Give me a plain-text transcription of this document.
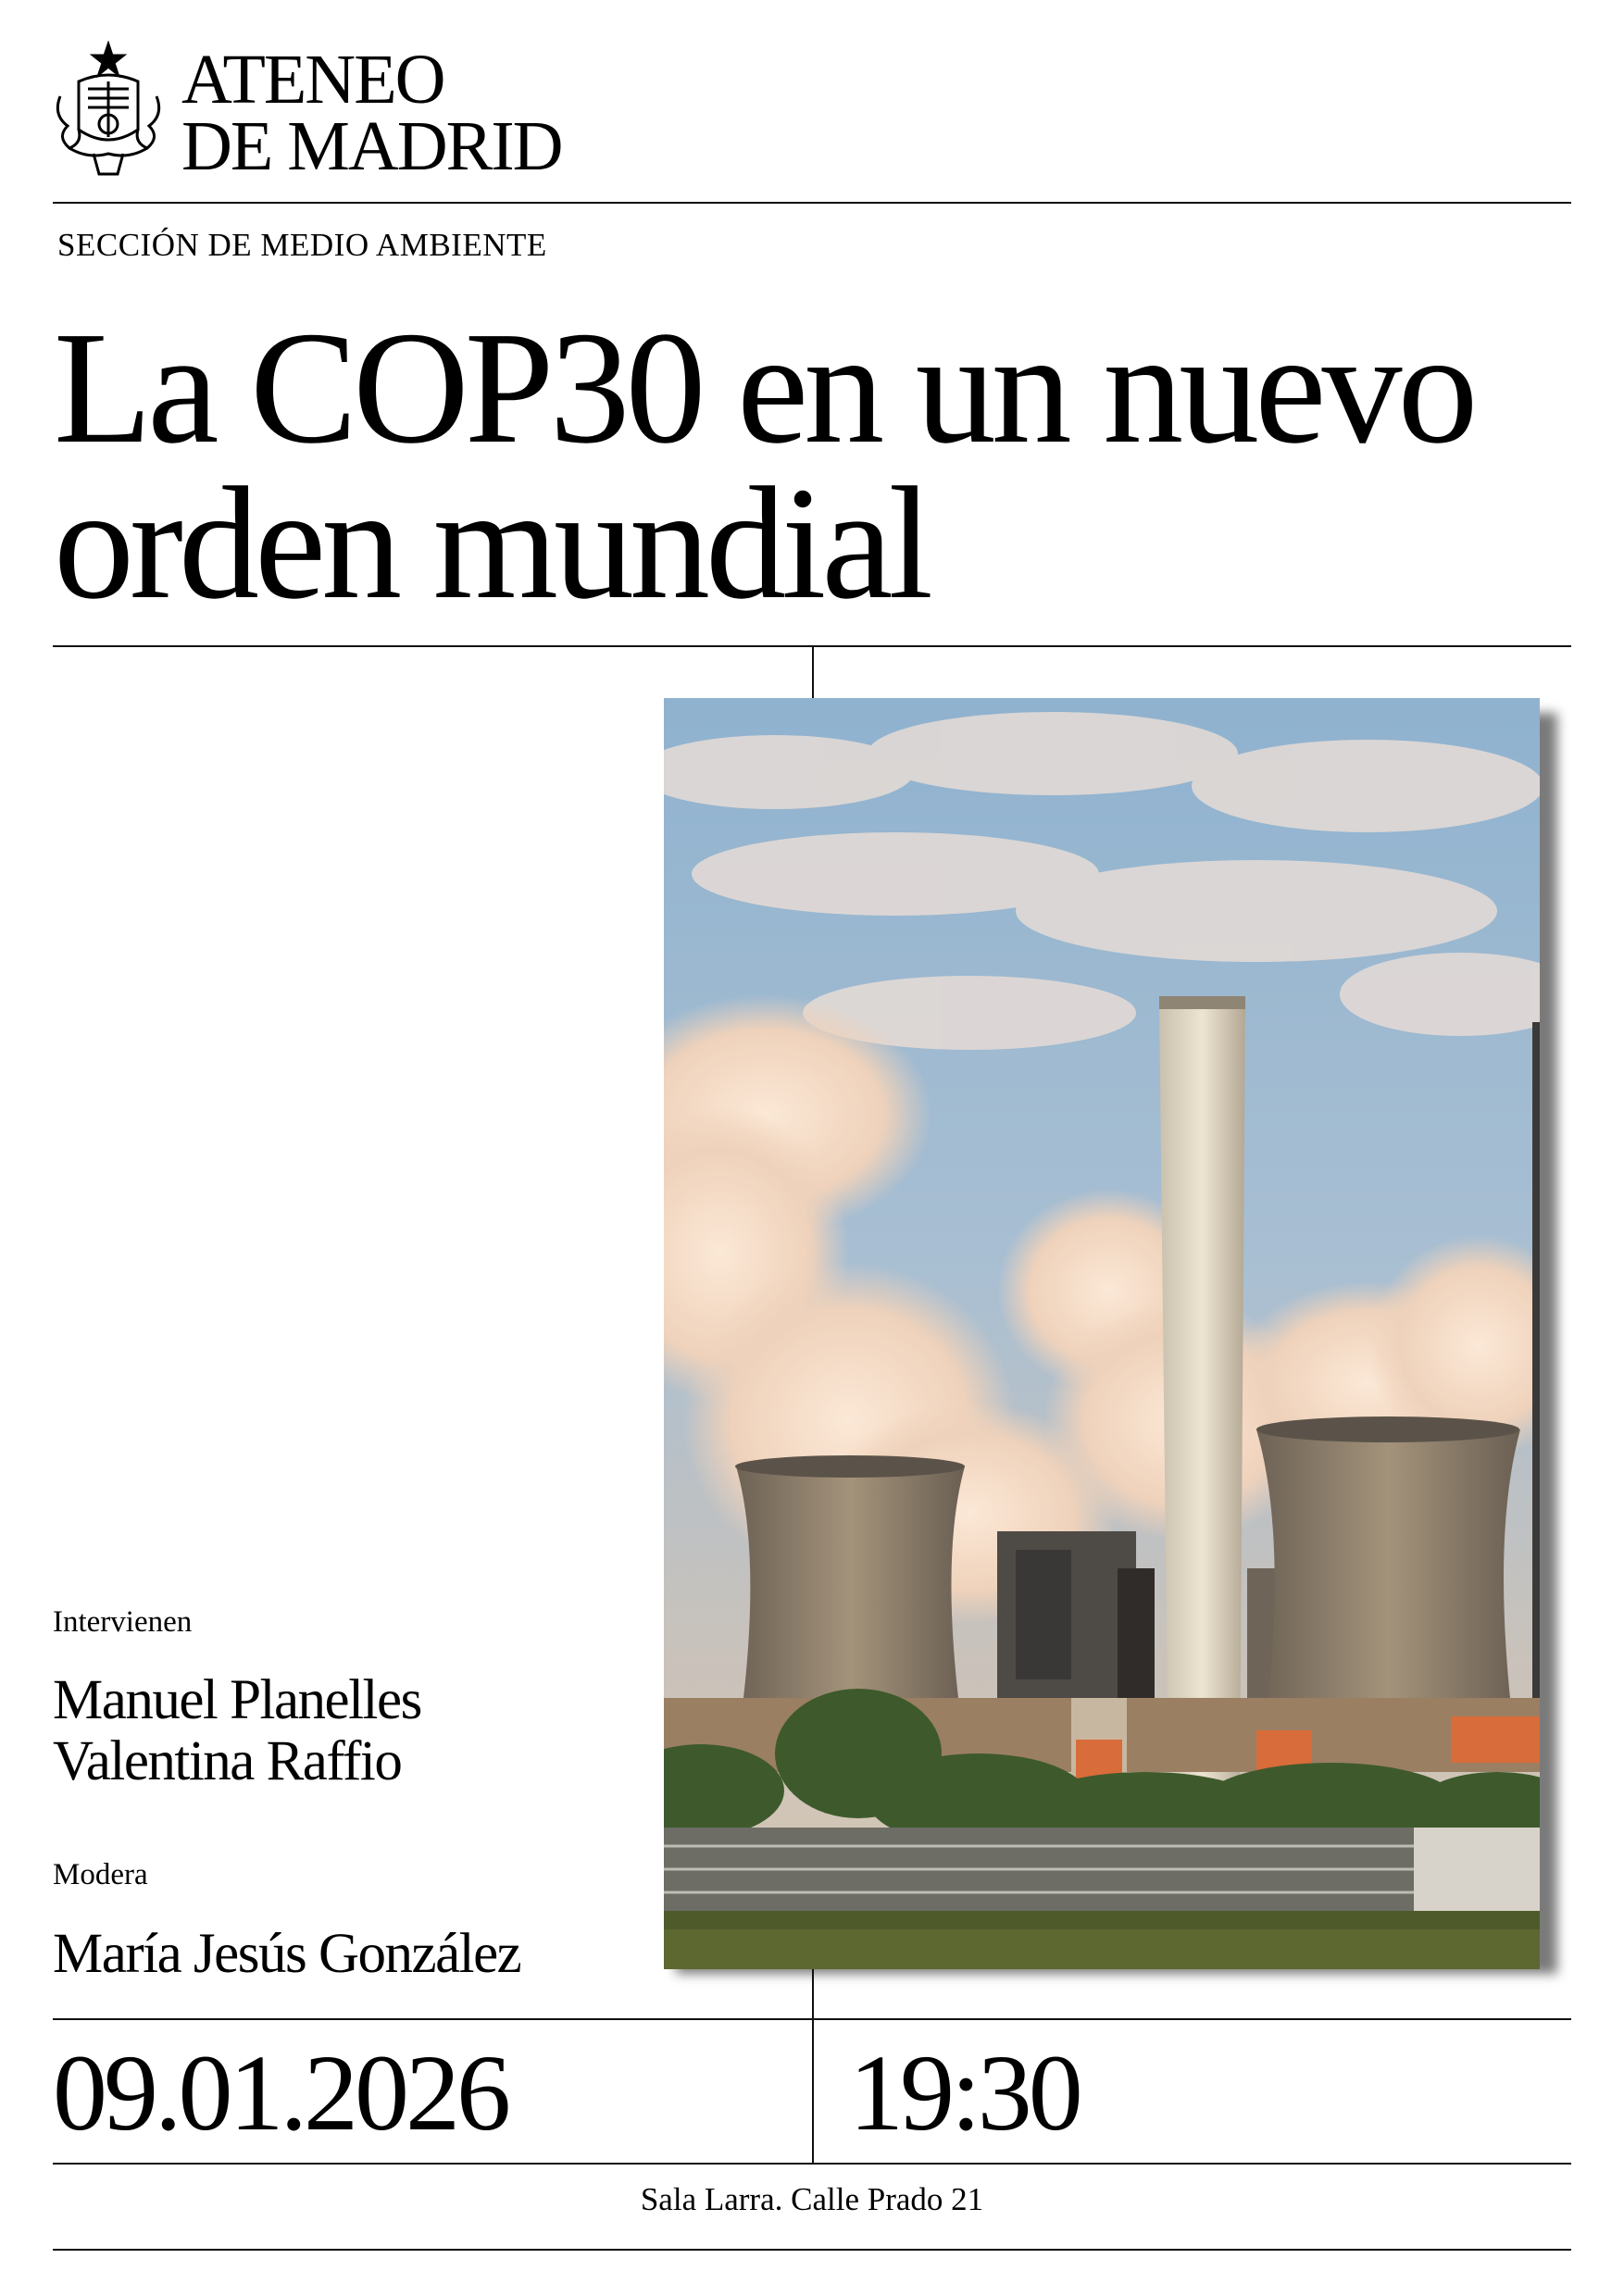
ATENEO
DE MADRID
SECCIÓN DE MEDIO AMBIENTE
La COP30 en un nuevo
orden mundial
Intervienen
Manuel Planelles
Valentina Raffio
Modera
María Jesús González
09.01.2026	19:30
Sala Larra. Calle Prado 21
